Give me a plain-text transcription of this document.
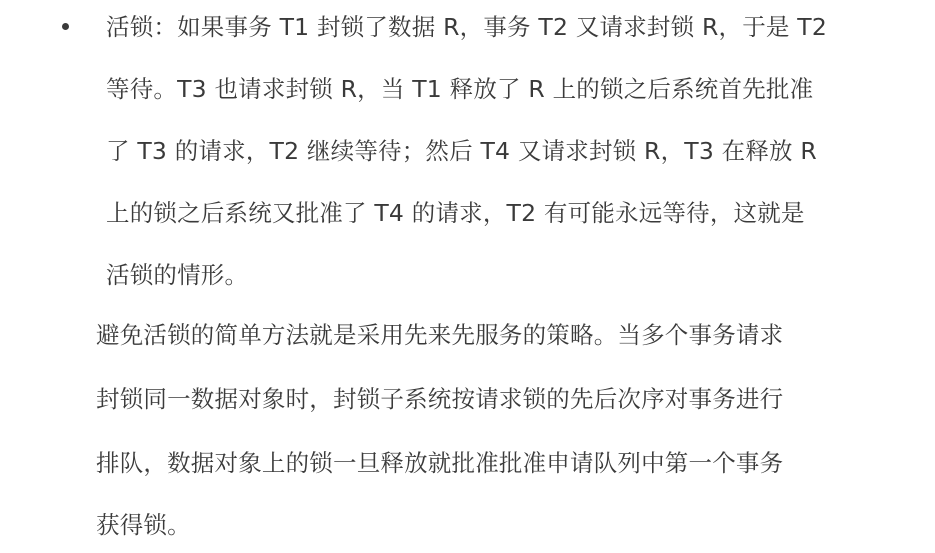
活锁：如果事务 T1 封锁了数据 R，事务 T2 又请求封锁 R，于是 T2
等待。T3 也请求封锁 R，当 T1 释放了 R 上的锁之后系统首先批准
了 T3 的请求，T2 继续等待；然后 T4 又请求封锁 R，T3 在释放 R
上的锁之后系统又批准了 T4 的请求，T2 有可能永远等待，这就是
活锁的情形。
避免活锁的简单方法就是采用先来先服务的策略。当多个事务请求
封锁同一数据对象时，封锁子系统按请求锁的先后次序对事务进行
排队，数据对象上的锁一旦释放就批准批准申请队列中第一个事务
获得锁。
